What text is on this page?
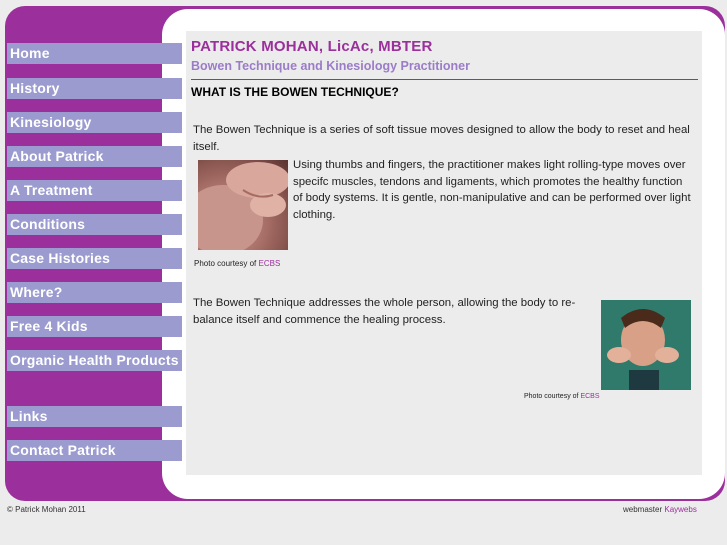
Home
History
Kinesiology
About Patrick
A Treatment
Conditions
Case Histories
Where?
Free 4 Kids
Organic Health Products
Links
Contact Patrick
PATRICK MOHAN, LicAc, MBTER
Bowen Technique and Kinesiology Practitioner
WHAT IS THE BOWEN TECHNIQUE?

The Bowen Technique is a series of soft tissue moves designed to allow the body to reset and heal itself.

Using thumbs and fingers, the practitioner makes light rolling-type moves over specifc muscles, tendons and ligaments, which promotes the healthy function of body systems. It is gentle, non-manipulative and can be performed over light clothing.

Photo courtesy of ECBS

The Bowen Technique addresses the whole person, allowing the body to re-balance itself and commence the healing process.

Photo courtesy of ECBS
© Patrick Mohan 2011	webmaster Kaywebs
